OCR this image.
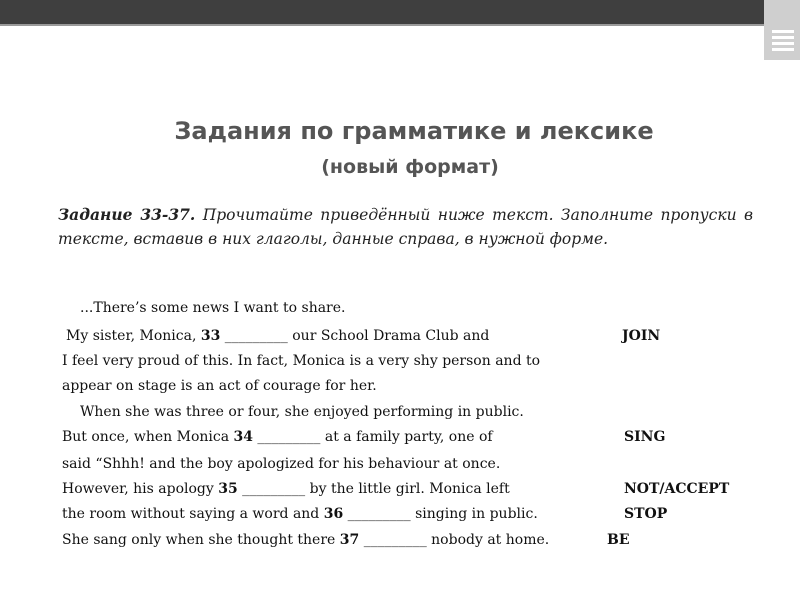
Задания по грамматике и лексике
(новый формат)
Задание 33-37. Прочитайте приведённый ниже текст. Заполните пропуски в тексте, вставив в них глаголы, данные справа, в нужной форме.
...There’s some news I want to share.
My sister, Monica, 33 _________ our School Drama Club and
I feel very proud of this. In fact, Monica is a very shy person and to
appear on stage is an act of courage for her.
When she was three or four, she enjoyed performing in public.
But once, when Monica 34 _________ at a family party, one of
said “Shhh! and the boy apologized for his behaviour at once.
However, his apology 35 _________ by the little girl. Monica left
the room without saying a word and 36 _________ singing in public.
She sang only when she thought there 37 _________ nobody at home.
JOIN
SING
NOT/ACCEPT
STOP
BE
